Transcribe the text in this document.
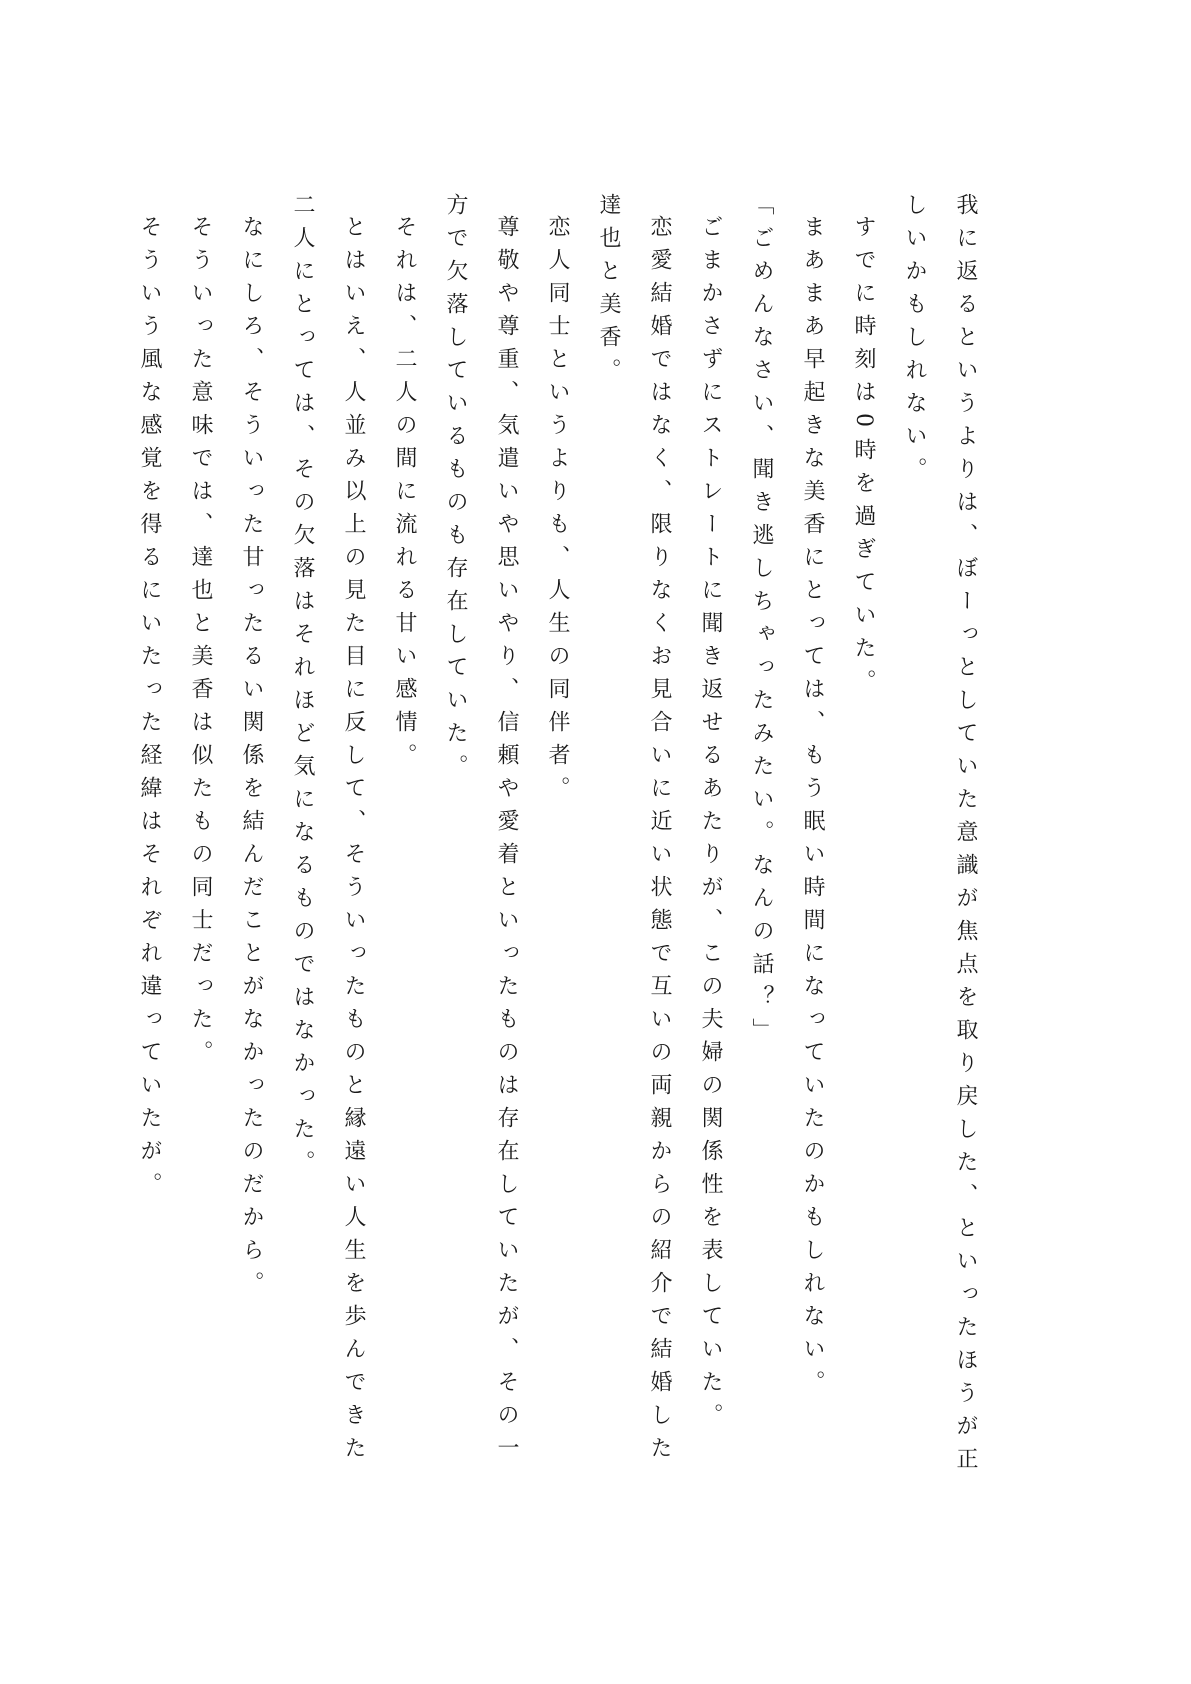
我に返るというよりは、ぼーっとしていた意識が焦点を取り戻した、といったほうが正しいかもしれない。

すでに時刻は0時を過ぎていた。

まあまあ早起きな美香にとっては、もう眠い時間になっていたのかもしれない。

「ごめんなさい、聞き逃しちゃったみたい。なんの話？」

ごまかさずにストレートに聞き返せるあたりが、この夫婦の関係性を表していた。

恋愛結婚ではなく、限りなくお見合いに近い状態で互いの両親からの紹介で結婚した達也と美香。

恋人同士というよりも、人生の同伴者。

尊敬や尊重、気遣いや思いやり、信頼や愛着といったものは存在していたが、その一方で欠落しているものも存在していた。

それは、二人の間に流れる甘い感情。

とはいえ、人並み以上の見た目に反して、そういったものと縁遠い人生を歩んできた二人にとっては、その欠落はそれほど気になるものではなかった。

なにしろ、そういった甘ったるい関係を結んだことがなかったのだから。

そういった意味では、達也と美香は似たもの同士だった。

そういう風な感覚を得るにいたった経緯はそれぞれ違っていたが。
